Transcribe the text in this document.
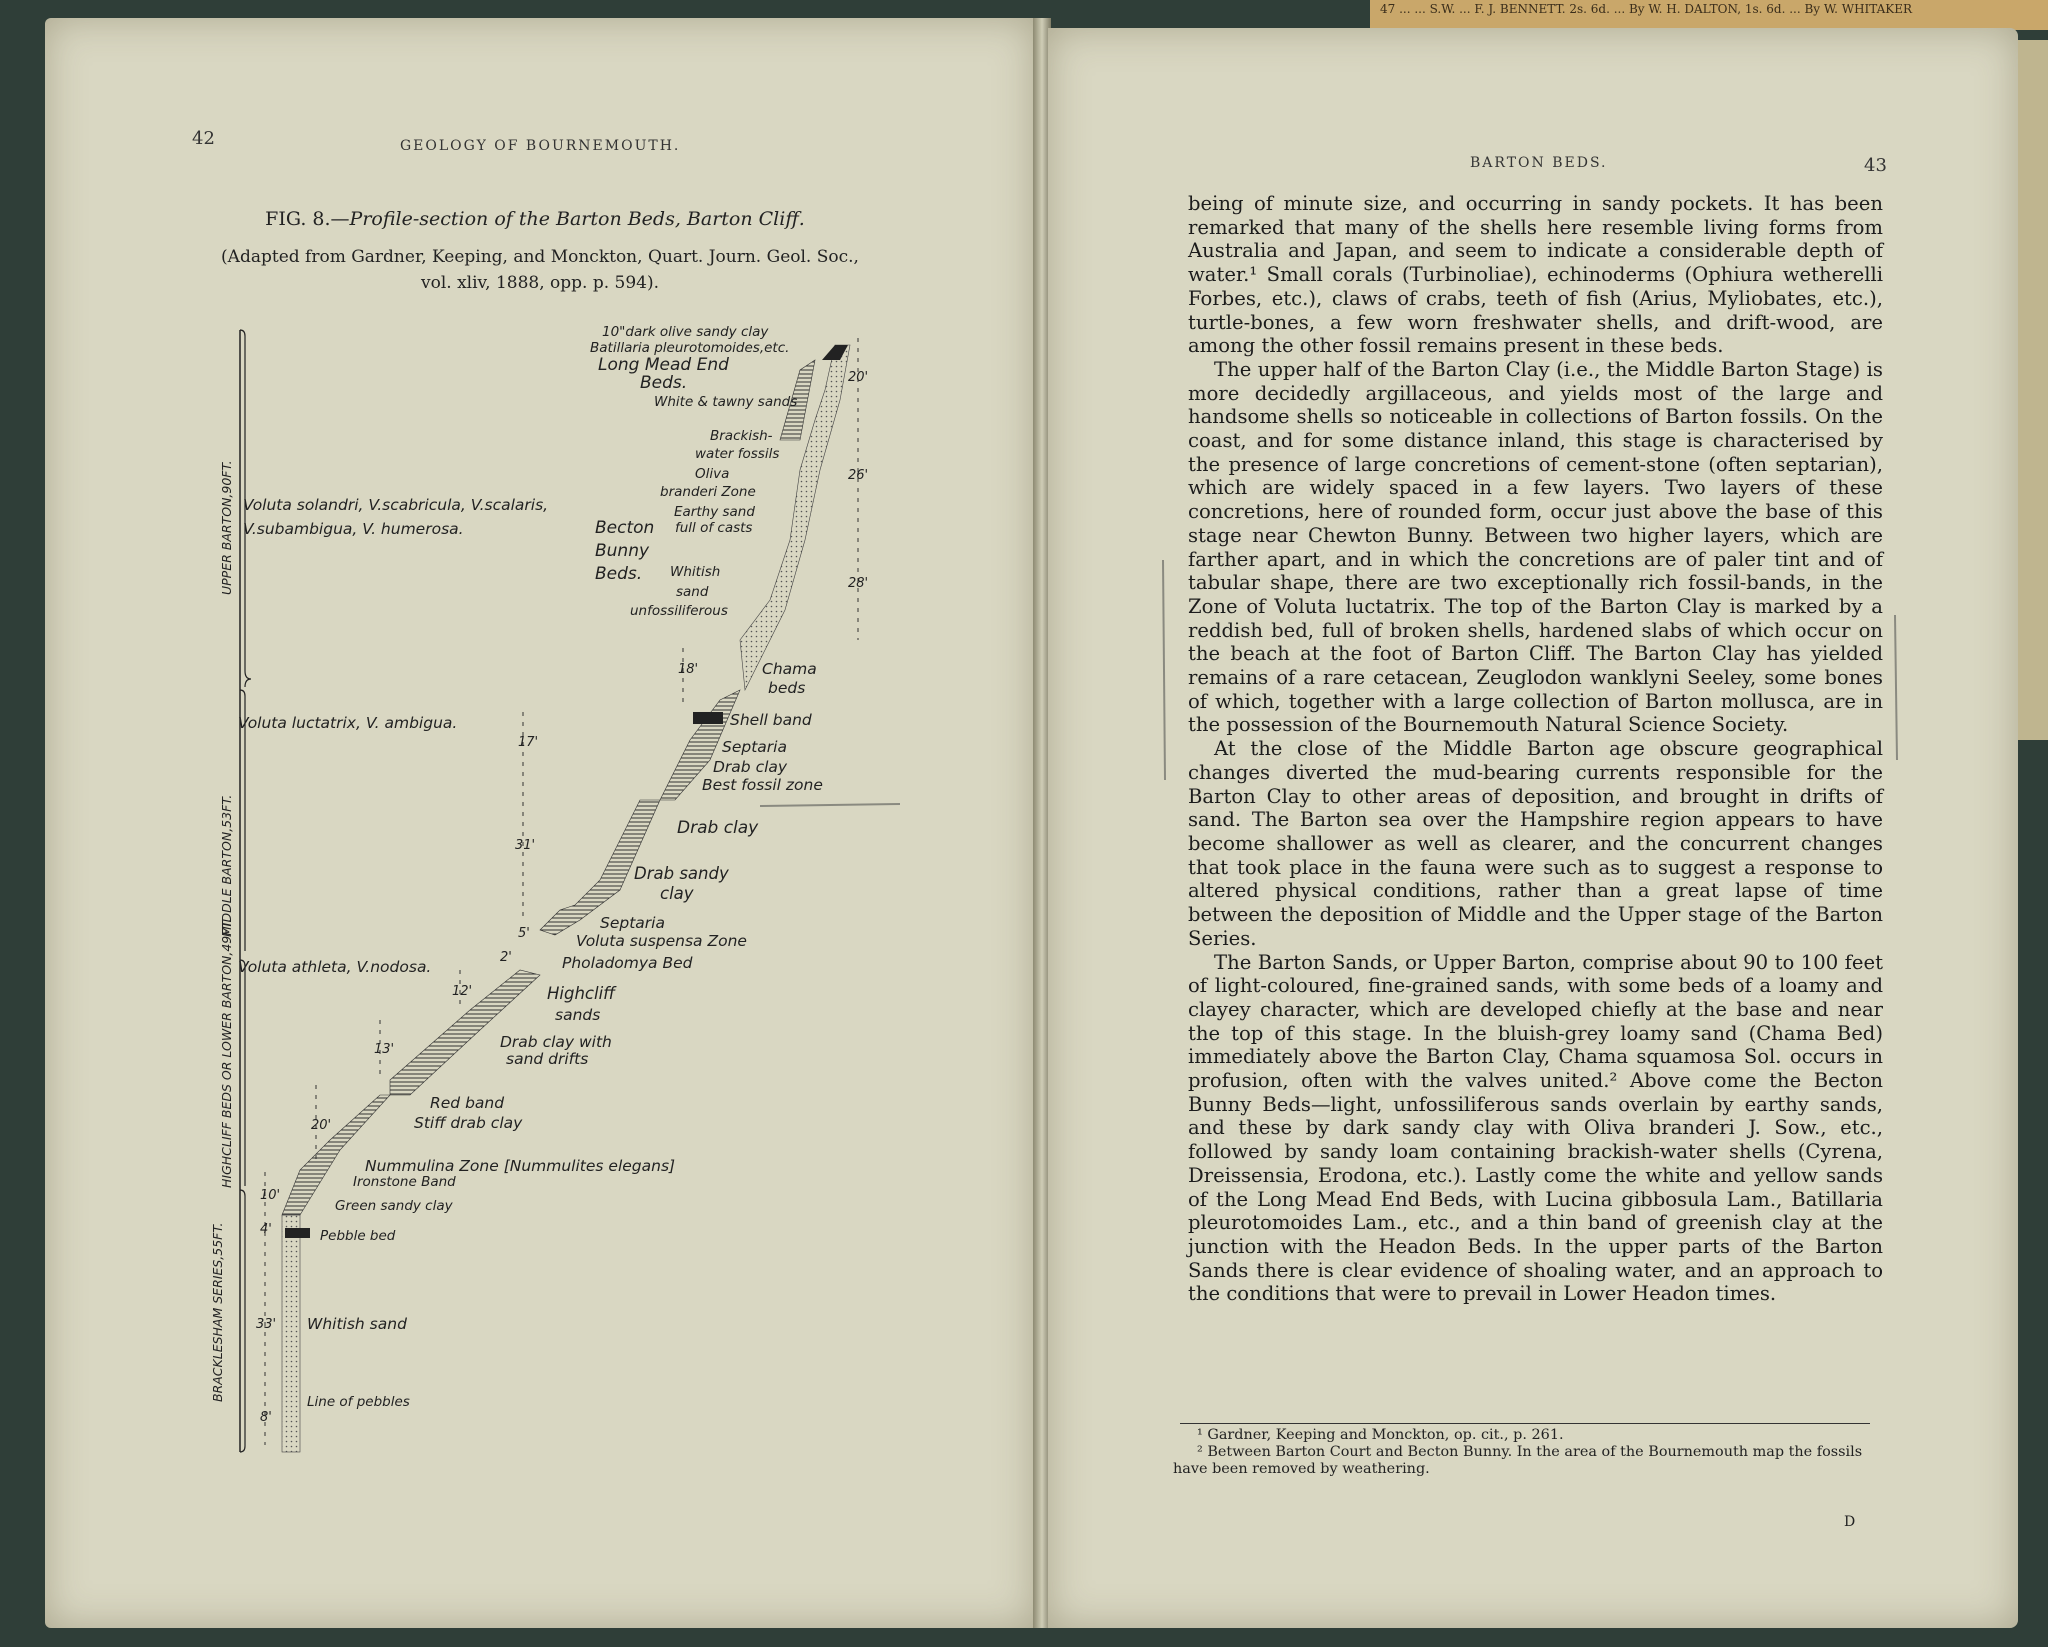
47 ... ... S.W. ... F. J. BENNETT. 2s. 6d. ... By W. H. DALTON, 1s. 6d. ... By W. WHITAKER
42	GEOLOGY OF BOURNEMOUTH.
FIG. 8.—Profile-section of the Barton Beds, Barton Cliff.
(Adapted from Gardner, Keeping, and Monckton, Quart. Journ. Geol. Soc.,
vol. xliv, 1888, opp. p. 594).
UPPER BARTON,90FT.
MIDDLE BARTON,53FT.
HIGHCLIFF BEDS OR LOWER BARTON,49FT.
BRACKLESHAM SERIES,55FT.
Voluta solandri, V.scabricula, V.scalaris,
V.subambigua, V. humerosa.
Voluta luctatrix, V. ambigua.
Voluta athleta, V.nodosa.
10"dark olive sandy clay
Batillaria pleurotomoides,etc.
Long Mead End
Beds.
White & tawny sands
Brackish-
water fossils
Oliva
branderi Zone
Earthy sand
full of casts
Becton
Bunny
Beds. Whitish
sand
unfossiliferous
Chama
beds
Shell band
Septaria
Drab clay
Best fossil zone
Drab clay
Drab sandy
clay
Septaria
Voluta suspensa Zone
Pholadomya Bed
Highcliff
sands
Drab clay with
sand drifts
Red band
Stiff drab clay
Nummulina Zone [Nummulites elegans]
Ironstone Band
Green sandy clay
Pebble bed
Whitish sand
Line of pebbles
20'
26'
28'
18'
17'
31'
5'
2'
12'
13'
20'
10'
4'
33'
8'
BARTON BEDS.	43

being of minute size, and occurring in sandy pockets. It has been remarked that many of the shells here resemble living forms from Australia and Japan, and seem to indicate a considerable depth of water.¹ Small corals (Turbinoliae), echinoderms (Ophiura wetherelli Forbes, etc.), claws of crabs, teeth of fish (Arius, Myliobates, etc.), turtle-bones, a few worn freshwater shells, and drift-wood, are among the other fossil remains present in these beds.

The upper half of the Barton Clay (i.e., the Middle Barton Stage) is more decidedly argillaceous, and yields most of the large and handsome shells so noticeable in collections of Barton fossils. On the coast, and for some distance inland, this stage is characterised by the presence of large concretions of cement-stone (often septarian), which are widely spaced in a few layers. Two layers of these concretions, here of rounded form, occur just above the base of this stage near Chewton Bunny. Between two higher layers, which are farther apart, and in which the concretions are of paler tint and of tabular shape, there are two exceptionally rich fossil-bands, in the Zone of Voluta luctatrix. The top of the Barton Clay is marked by a reddish bed, full of broken shells, hardened slabs of which occur on the beach at the foot of Barton Cliff. The Barton Clay has yielded remains of a rare cetacean, Zeuglodon wanklyni Seeley, some bones of which, together with a large collection of Barton mollusca, are in the possession of the Bournemouth Natural Science Society.

At the close of the Middle Barton age obscure geographical changes diverted the mud-bearing currents responsible for the Barton Clay to other areas of deposition, and brought in drifts of sand. The Barton sea over the Hampshire region appears to have become shallower as well as clearer, and the concurrent changes that took place in the fauna were such as to suggest a response to altered physical conditions, rather than a great lapse of time between the deposition of Middle and the Upper stage of the Barton Series.

The Barton Sands, or Upper Barton, comprise about 90 to 100 feet of light-coloured, fine-grained sands, with some beds of a loamy and clayey character, which are developed chiefly at the base and near the top of this stage. In the bluish-grey loamy sand (Chama Bed) immediately above the Barton Clay, Chama squamosa Sol. occurs in profusion, often with the valves united.² Above come the Becton Bunny Beds—light, unfossiliferous sands overlain by earthy sands, and these by dark sandy clay with Oliva branderi J. Sow., etc., followed by sandy loam containing brackish-water shells (Cyrena, Dreissensia, Erodona, etc.). Lastly come the white and yellow sands of the Long Mead End Beds, with Lucina gibbosula Lam., Batillaria pleurotomoides Lam., etc., and a thin band of greenish clay at the junction with the Headon Beds. In the upper parts of the Barton Sands there is clear evidence of shoaling water, and an approach to the conditions that were to prevail in Lower Headon times.

¹ Gardner, Keeping and Monckton, op. cit., p. 261.
² Between Barton Court and Becton Bunny. In the area of the Bournemouth map the fossils have been removed by weathering.
D
